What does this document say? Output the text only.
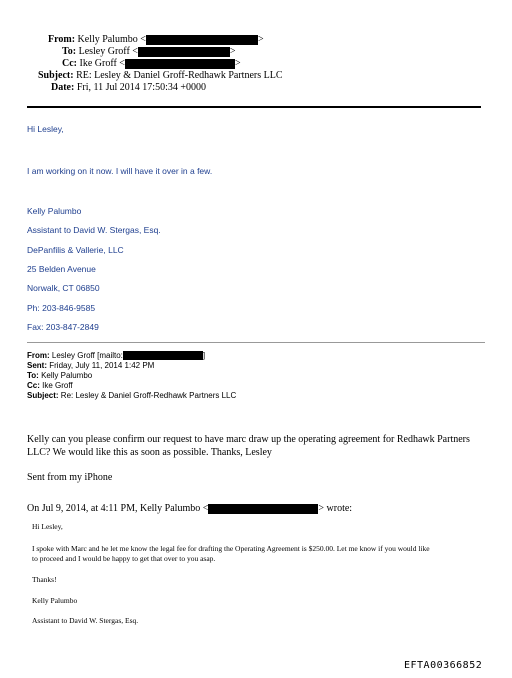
From: Kelly Palumbo <	>
To: Lesley Groff <	>
Cc: Ike Groff <	>
Subject: RE: Lesley & Daniel Groff-Redhawk Partners LLC
Date: Fri, 11 Jul 2014 17:50:34 +0000
Hi Lesley,
I am working on it now. I will have it over in a few.
Kelly Palumbo
Assistant to David W. Stergas, Esq.
DePanfilis & Vallerie, LLC
25 Belden Avenue
Norwalk, CT 06850
Ph: 203-846-9585
Fax: 203-847-2849
From: Lesley Groff [mailto:	]
Sent: Friday, July 11, 2014 1:42 PM
To: Kelly Palumbo
Cc: Ike Groff
Subject: Re: Lesley & Daniel Groff-Redhawk Partners LLC
Kelly can you please confirm our request to have marc draw up the operating agreement for Redhawk Partners
LLC? We would like this as soon as possible. Thanks, Lesley
Sent from my iPhone
On Jul 9, 2014, at 4:11 PM, Kelly Palumbo <	> wrote:
Hi Lesley,
I spoke with Marc and he let me know the legal fee for drafting the Operating Agreement is $250.00. Let me know if you would like
to proceed and I would be happy to get that over to you asap.
Thanks!
Kelly Palumbo
Assistant to David W. Stergas, Esq.
EFTA00366852
